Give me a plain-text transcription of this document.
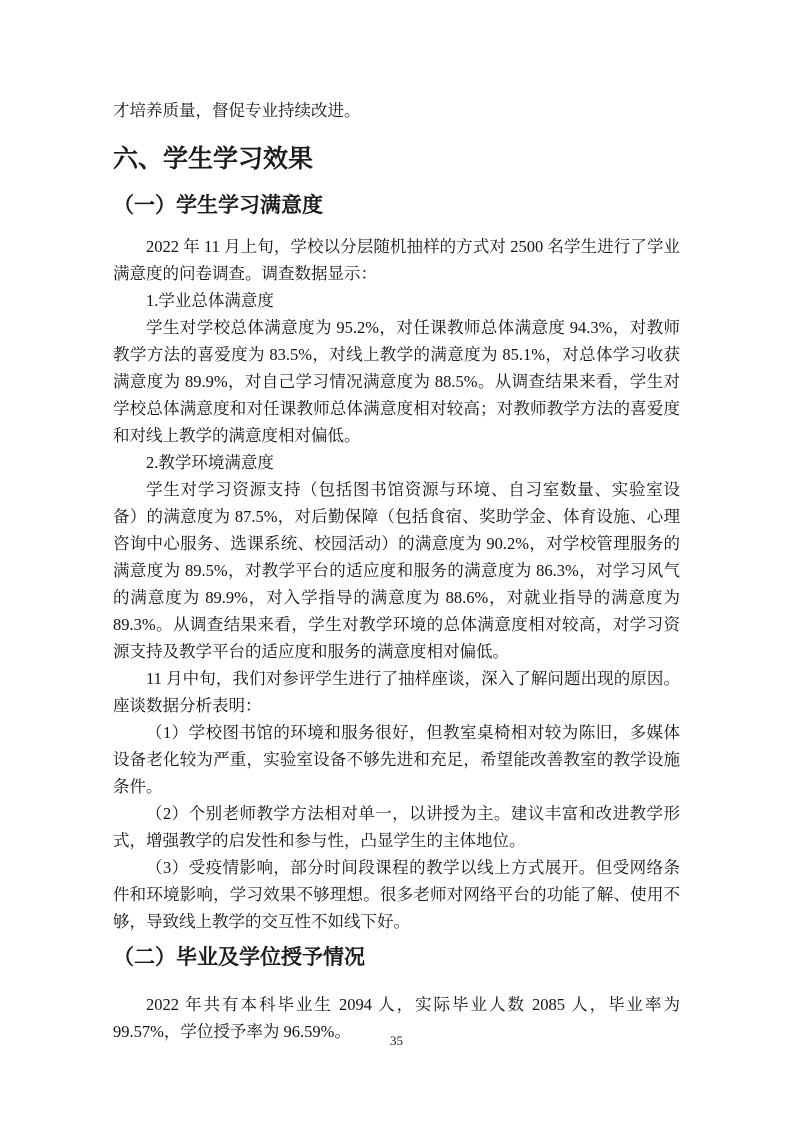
才培养质量，督促专业持续改进。

六、学生学习效果
（一）学生学习满意度

2022 年 11 月上旬，学校以分层随机抽样的方式对 2500 名学生进行了学业满意度的问卷调查。调查数据显示：

1.学业总体满意度

学生对学校总体满意度为 95.2%，对任课教师总体满意度 94.3%，对教师教学方法的喜爱度为 83.5%，对线上教学的满意度为 85.1%，对总体学习收获满意度为 89.9%，对自己学习情况满意度为 88.5%。从调查结果来看，学生对学校总体满意度和对任课教师总体满意度相对较高；对教师教学方法的喜爱度和对线上教学的满意度相对偏低。

2.教学环境满意度

学生对学习资源支持（包括图书馆资源与环境、自习室数量、实验室设备）的满意度为 87.5%，对后勤保障（包括食宿、奖助学金、体育设施、心理咨询中心服务、选课系统、校园活动）的满意度为 90.2%，对学校管理服务的满意度为 89.5%，对教学平台的适应度和服务的满意度为 86.3%，对学习风气的满意度为 89.9%，对入学指导的满意度为 88.6%，对就业指导的满意度为 89.3%。从调查结果来看，学生对教学环境的总体满意度相对较高，对学习资源支持及教学平台的适应度和服务的满意度相对偏低。

11 月中旬，我们对参评学生进行了抽样座谈，深入了解问题出现的原因。座谈数据分析表明：

（1）学校图书馆的环境和服务很好，但教室桌椅相对较为陈旧，多媒体设备老化较为严重，实验室设备不够先进和充足，希望能改善教室的教学设施条件。

（2）个别老师教学方法相对单一，以讲授为主。建议丰富和改进教学形式，增强教学的启发性和参与性，凸显学生的主体地位。

（3）受疫情影响，部分时间段课程的教学以线上方式展开。但受网络条件和环境影响，学习效果不够理想。很多老师对网络平台的功能了解、使用不够，导致线上教学的交互性不如线下好。

（二）毕业及学位授予情况

2022 年共有本科毕业生 2094 人，实际毕业人数 2085 人，毕业率为 99.57%，学位授予率为 96.59%。	35
